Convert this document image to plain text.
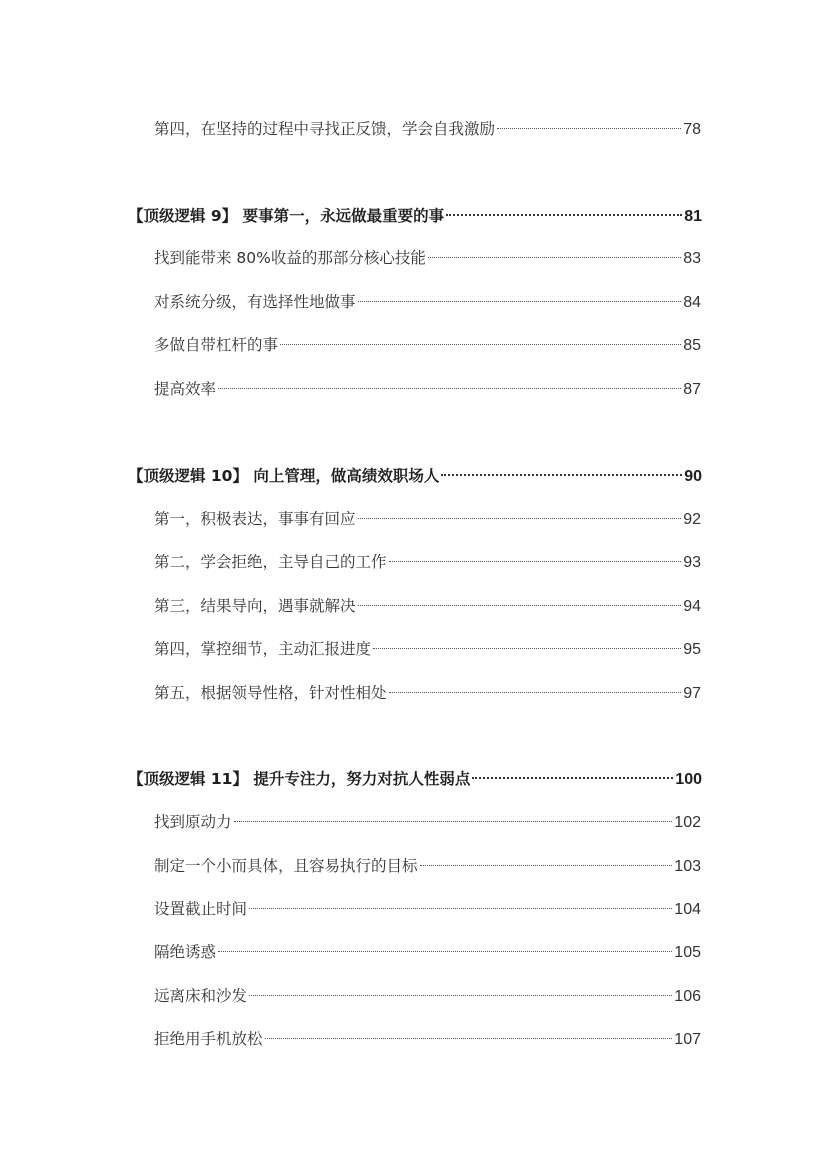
第四，在坚持的过程中寻找正反馈，学会自我激励	78
【顶级逻辑 9】 要事第一，永远做最重要的事	81
找到能带来 80%收益的那部分核心技能	83
对系统分级，有选择性地做事	84
多做自带杠杆的事	85
提高效率	87
【顶级逻辑 10】 向上管理，做高绩效职场人	90
第一，积极表达，事事有回应	92
第二，学会拒绝，主导自己的工作	93
第三，结果导向，遇事就解决	94
第四，掌控细节，主动汇报进度	95
第五，根据领导性格，针对性相处	97
【顶级逻辑 11】 提升专注力，努力对抗人性弱点	100
找到原动力	102
制定一个小而具体，且容易执行的目标	103
设置截止时间	104
隔绝诱惑	105
远离床和沙发	106
拒绝用手机放松	107
